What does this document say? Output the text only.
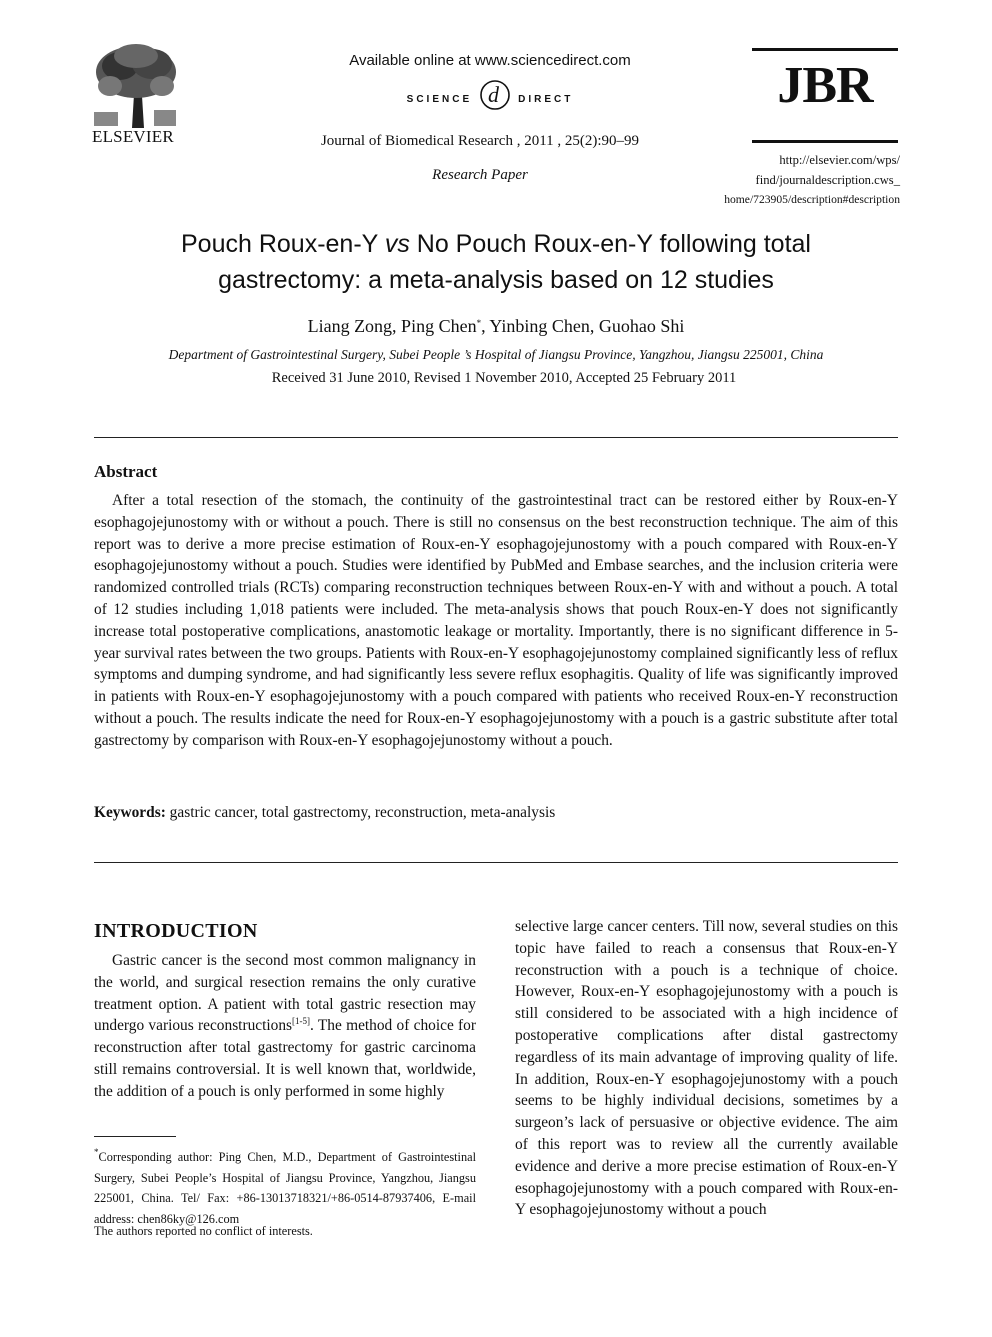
ELSEVIER
Available online at www.sciencedirect.com
$^{SCIENCE}$ d $^{DIRECT}$
Journal of Biomedical Research , 2011 , 25(2):90–99
Research Paper
JBR
http://elsevier.com/wps/
find/journaldescription.cws_
home/723905/description#description
Pouch Roux-en-Y vs No Pouch Roux-en-Y following total
gastrectomy: a meta-analysis based on 12 studies
Liang Zong, Ping Chen*, Yinbing Chen, Guohao Shi
Department of Gastrointestinal Surgery, Subei People ’s Hospital of Jiangsu Province, Yangzhou, Jiangsu 225001, China
Received 31 June 2010, Revised 1 November 2010, Accepted 25 February 2011
Abstract
After a total resection of the stomach, the continuity of the gastrointestinal tract can be restored either by Roux-en-Y esophagojejunostomy with or without a pouch. There is still no consensus on the best reconstruction technique. The aim of this report was to derive a more precise estimation of Roux-en-Y esophagojejunostomy with a pouch compared with Roux-en-Y esophagojejunostomy without a pouch. Studies were identified by PubMed and Embase searches, and the inclusion criteria were randomized controlled trials (RCTs) comparing reconstruction techniques between Roux-en-Y with and without a pouch. A total of 12 studies including 1,018 patients were included. The meta-analysis shows that pouch Roux-en-Y does not significantly increase total postoperative complications, anastomotic leakage or mortality. Importantly, there is no significant difference in 5-year survival rates between the two groups. Patients with Roux-en-Y esophagojejunostomy complained significantly less of reflux symptoms and dumping syndrome, and had significantly less severe reflux esophagitis. Quality of life was significantly improved in patients with Roux-en-Y esophagojejunostomy with a pouch compared with patients who received Roux-en-Y reconstruction without a pouch. The results indicate the need for Roux-en-Y esophagojejunostomy with a pouch is a gastric substitute after total gastrectomy by comparison with Roux-en-Y esophagojejunostomy without a pouch.
Keywords: gastric cancer, total gastrectomy, reconstruction, meta-analysis
INTRODUCTION
Gastric cancer is the second most common malignancy in the world, and surgical resection remains the only curative treatment option. A patient with total gastric resection may undergo various reconstructions[1-5]. The method of choice for reconstruction after total gastrectomy for gastric carcinoma still remains controversial. It is well known that, worldwide, the addition of a pouch is only performed in some highly
selective large cancer centers. Till now, several studies on this topic have failed to reach a consensus that Roux-en-Y reconstruction with a pouch is a technique of choice. However, Roux-en-Y esophagojejunostomy with a pouch is still considered to be associated with a high incidence of postoperative complications after distal gastrectomy regardless of its main advantage of improving quality of life. In addition, Roux-en-Y esophagojejunostomy with a pouch seems to be highly individual decisions, sometimes by a surgeon’s lack of persuasive or objective evidence. The aim of this report was to review all the currently available evidence and derive a more precise estimation of Roux-en-Y esophagojejunostomy with a pouch compared with Roux-en-Y esophagojejunostomy without a pouch
*Corresponding author: Ping Chen, M.D., Department of Gastrointestinal Surgery, Subei People’s Hospital of Jiangsu Province, Yangzhou, Jiangsu 225001, China. Tel/ Fax: +86-13013718321/+86-0514-87937406, E-mail address: chen86ky@126.com
The authors reported no conflict of interests.
